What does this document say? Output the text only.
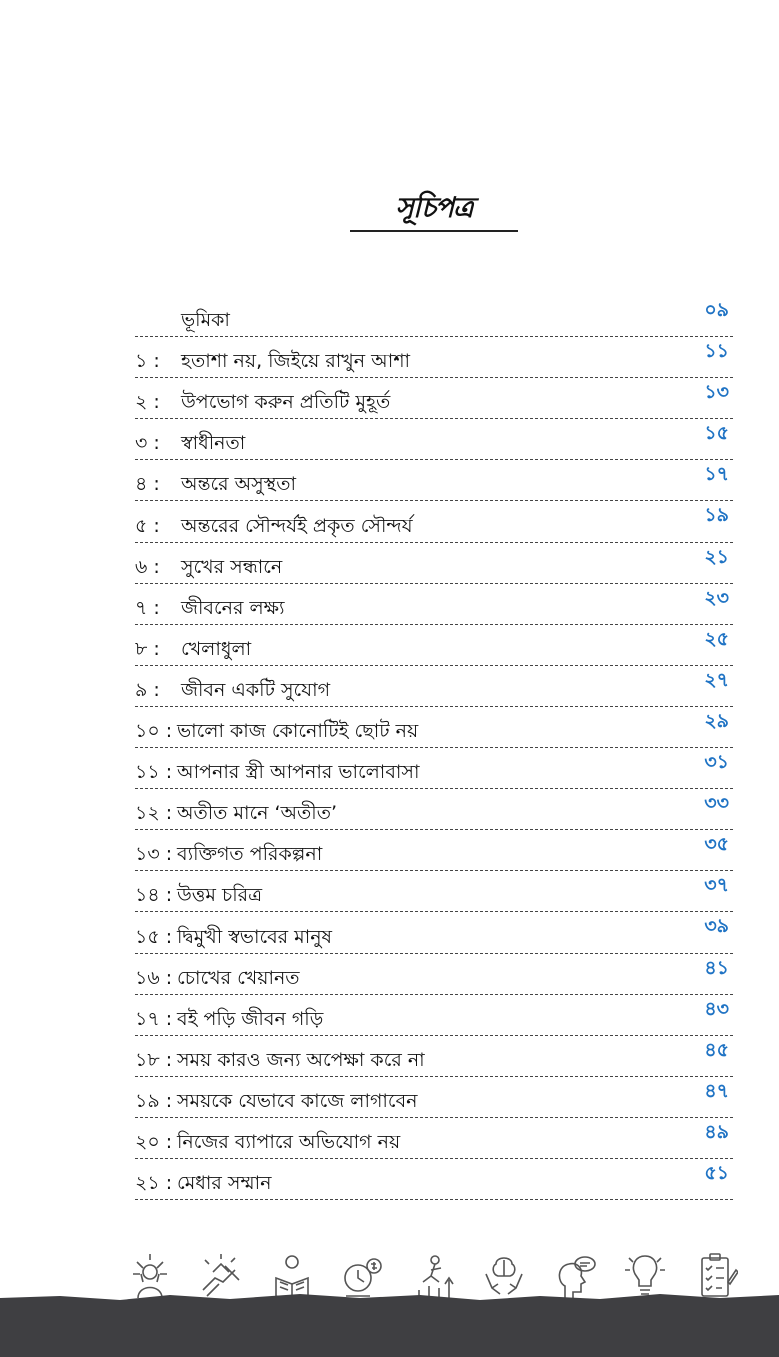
সূচিপত্র
ভূমিকা	০৯
১ : হতাশা নয়, জিইয়ে রাখুন আশা	১১
২ : উপভোগ করুন প্রতিটি মুহূর্ত	১৩
৩ : স্বাধীনতা	১৫
৪ : অন্তরে অসুস্থতা	১৭
৫ : অন্তরের সৌন্দর্যই প্রকৃত সৌন্দর্য	১৯
৬ : সুখের সন্ধানে	২১
৭ : জীবনের লক্ষ্য	২৩
৮ : খেলাধুলা	২৫
৯ : জীবন একটি সুযোগ	২৭
১০ : ভালো কাজ কোনোটিই ছোট নয়	২৯
১১ : আপনার স্ত্রী আপনার ভালোবাসা	৩১
১২ : অতীত মানে ‘অতীত’	৩৩
১৩ : ব্যক্তিগত পরিকল্পনা	৩৫
১৪ : উত্তম চরিত্র	৩৭
১৫ : দ্বিমুখী স্বভাবের মানুষ	৩৯
১৬ : চোখের খেয়ানত	৪১
১৭ : বই পড়ি জীবন গড়ি	৪৩
১৮ : সময় কারও জন্য অপেক্ষা করে না	৪৫
১৯ : সময়কে যেভাবে কাজে লাগাবেন	৪৭
২০ : নিজের ব্যাপারে অভিযোগ নয়	৪৯
২১ : মেধার সম্মান	৫১
